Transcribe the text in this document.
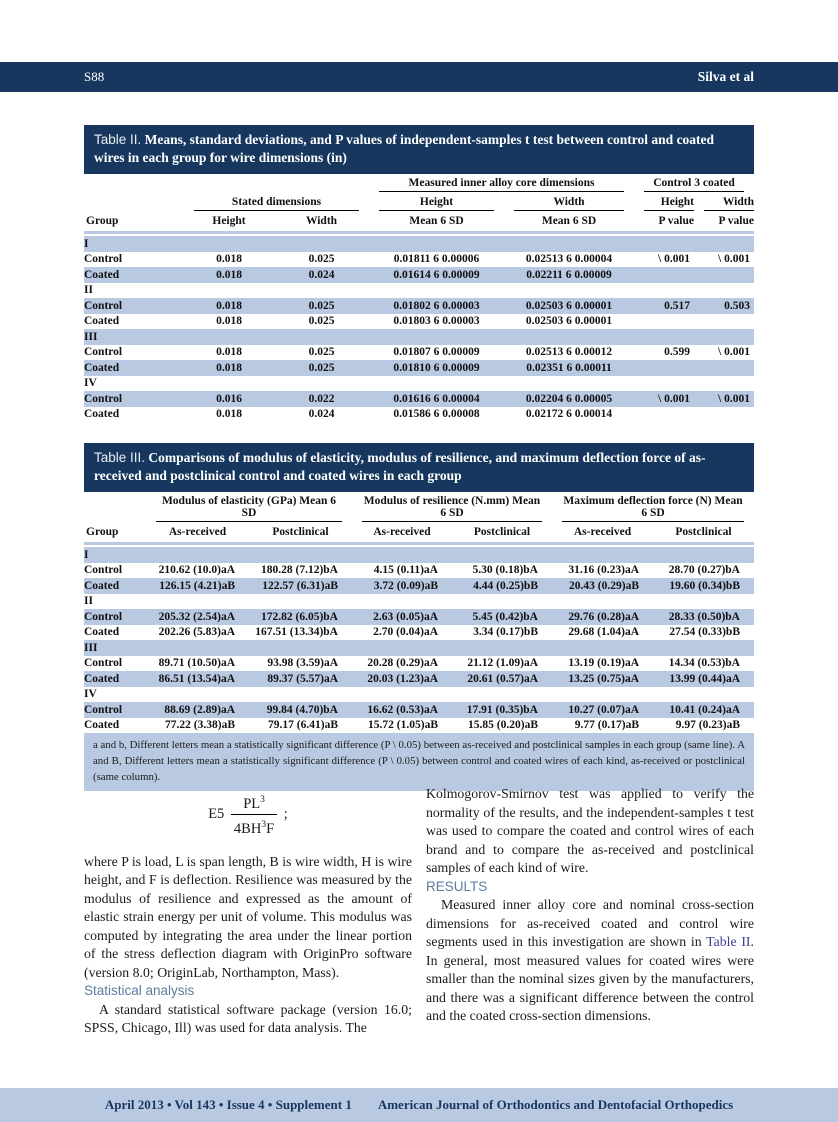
S88	Silva et al
Table II. Means, standard deviations, and P values of independent-samples t test between control and coated wires in each group for wire dimensions (in)

			Measured inner alloy core dimensions		Control 3 coated	

	Stated dimensions		Height	Width	Height	Width

Group	Height	Width	Mean 6 SD	Mean 6 SD	P value	P value
I						
Control	0.018	0.025	0.01811 6 0.00006	0.02513 6 0.00004	\ 0.001	\ 0.001
Coated	0.018	0.024	0.01614 6 0.00009	0.02211 6 0.00009		
II						
Control	0.018	0.025	0.01802 6 0.00003	0.02503 6 0.00001	0.517	0.503
Coated	0.018	0.025	0.01803 6 0.00003	0.02503 6 0.00001		
III						
Control	0.018	0.025	0.01807 6 0.00009	0.02513 6 0.00012	0.599	\ 0.001
Coated	0.018	0.025	0.01810 6 0.00009	0.02351 6 0.00011		
IV						
Control	0.016	0.022	0.01616 6 0.00004	0.02204 6 0.00005	\ 0.001	\ 0.001
Coated	0.018	0.024	0.01586 6 0.00008	0.02172 6 0.00014		
Table III. Comparisons of modulus of elasticity, modulus of resilience, and maximum deflection force of as-received and postclinical control and coated wires in each group

	Modulus of elasticity (GPa) Mean 6 SD		Modulus of resilience (N.mm) Mean 6 SD		Maximum deflection force (N) Mean 6 SD	

Group	As-received	Postclinical	As-received	Postclinical	As-received	Postclinical
I						
Control	210.62 (10.0)aA	180.28 (7.12)bA	4.15 (0.11)aA	5.30 (0.18)bA	31.16 (0.23)aA	28.70 (0.27)bA
Coated	126.15 (4.21)aB	122.57 (6.31)aB	3.72 (0.09)aB	4.44 (0.25)bB	20.43 (0.29)aB	19.60 (0.34)bB
II						
Control	205.32 (2.54)aA	172.82 (6.05)bA	2.63 (0.05)aA	5.45 (0.42)bA	29.76 (0.28)aA	28.33 (0.50)bA
Coated	202.26 (5.83)aA	167.51 (13.34)bA	2.70 (0.04)aA	3.34 (0.17)bB	29.68 (1.04)aA	27.54 (0.33)bB
III						
Control	89.71 (10.50)aA	93.98 (3.59)aA	20.28 (0.29)aA	21.12 (1.09)aA	13.19 (0.19)aA	14.34 (0.53)bA
Coated	86.51 (13.54)aA	89.37 (5.57)aA	20.03 (1.23)aA	20.61 (0.57)aA	13.25 (0.75)aA	13.99 (0.44)aA
IV						
Control	88.69 (2.89)aA	99.84 (4.70)bA	16.62 (0.53)aA	17.91 (0.35)bA	10.27 (0.07)aA	10.41 (0.24)aA
Coated	77.22 (3.38)aB	79.17 (6.41)aB	15.72 (1.05)aB	15.85 (0.20)aB	9.77 (0.17)aB	9.97 (0.23)aB
a and b, Different letters mean a statistically significant difference (P \ 0.05) between as-received and postclinical samples in each group (same line). A and B, Different letters mean a statistically significant difference (P \ 0.05) between control and coated wires of each kind, as-received or postclinical (same column).
$E5 \frac{PL^3}{4BH^3F}$ ;

where P is load, L is span length, B is wire width, H is wire height, and F is deflection. Resilience was measured by the modulus of resilience and expressed as the amount of elastic strain energy per unit of volume. This modulus was computed by integrating the area under the linear portion of the stress deflection diagram with OriginPro software (version 8.0; OriginLab, Northampton, Mass).

Statistical analysis

A standard statistical software package (version 16.0; SPSS, Chicago, Ill) was used for data analysis. The

Kolmogorov-Smirnov test was applied to verify the normality of the results, and the independent-samples t test was used to compare the coated and control wires of each brand and to compare the as-received and postclinical samples of each kind of wire.

RESULTS

Measured inner alloy core and nominal cross-section dimensions for as-received coated and control wire segments used in this investigation are shown in Table II. In general, most measured values for coated wires were smaller than the nominal sizes given by the manufacturers, and there was a significant difference between the control and the coated cross-section dimensions.

April 2013 • Vol 143 • Issue 4 • Supplement 1 American Journal of Orthodontics and Dentofacial Orthopedics
